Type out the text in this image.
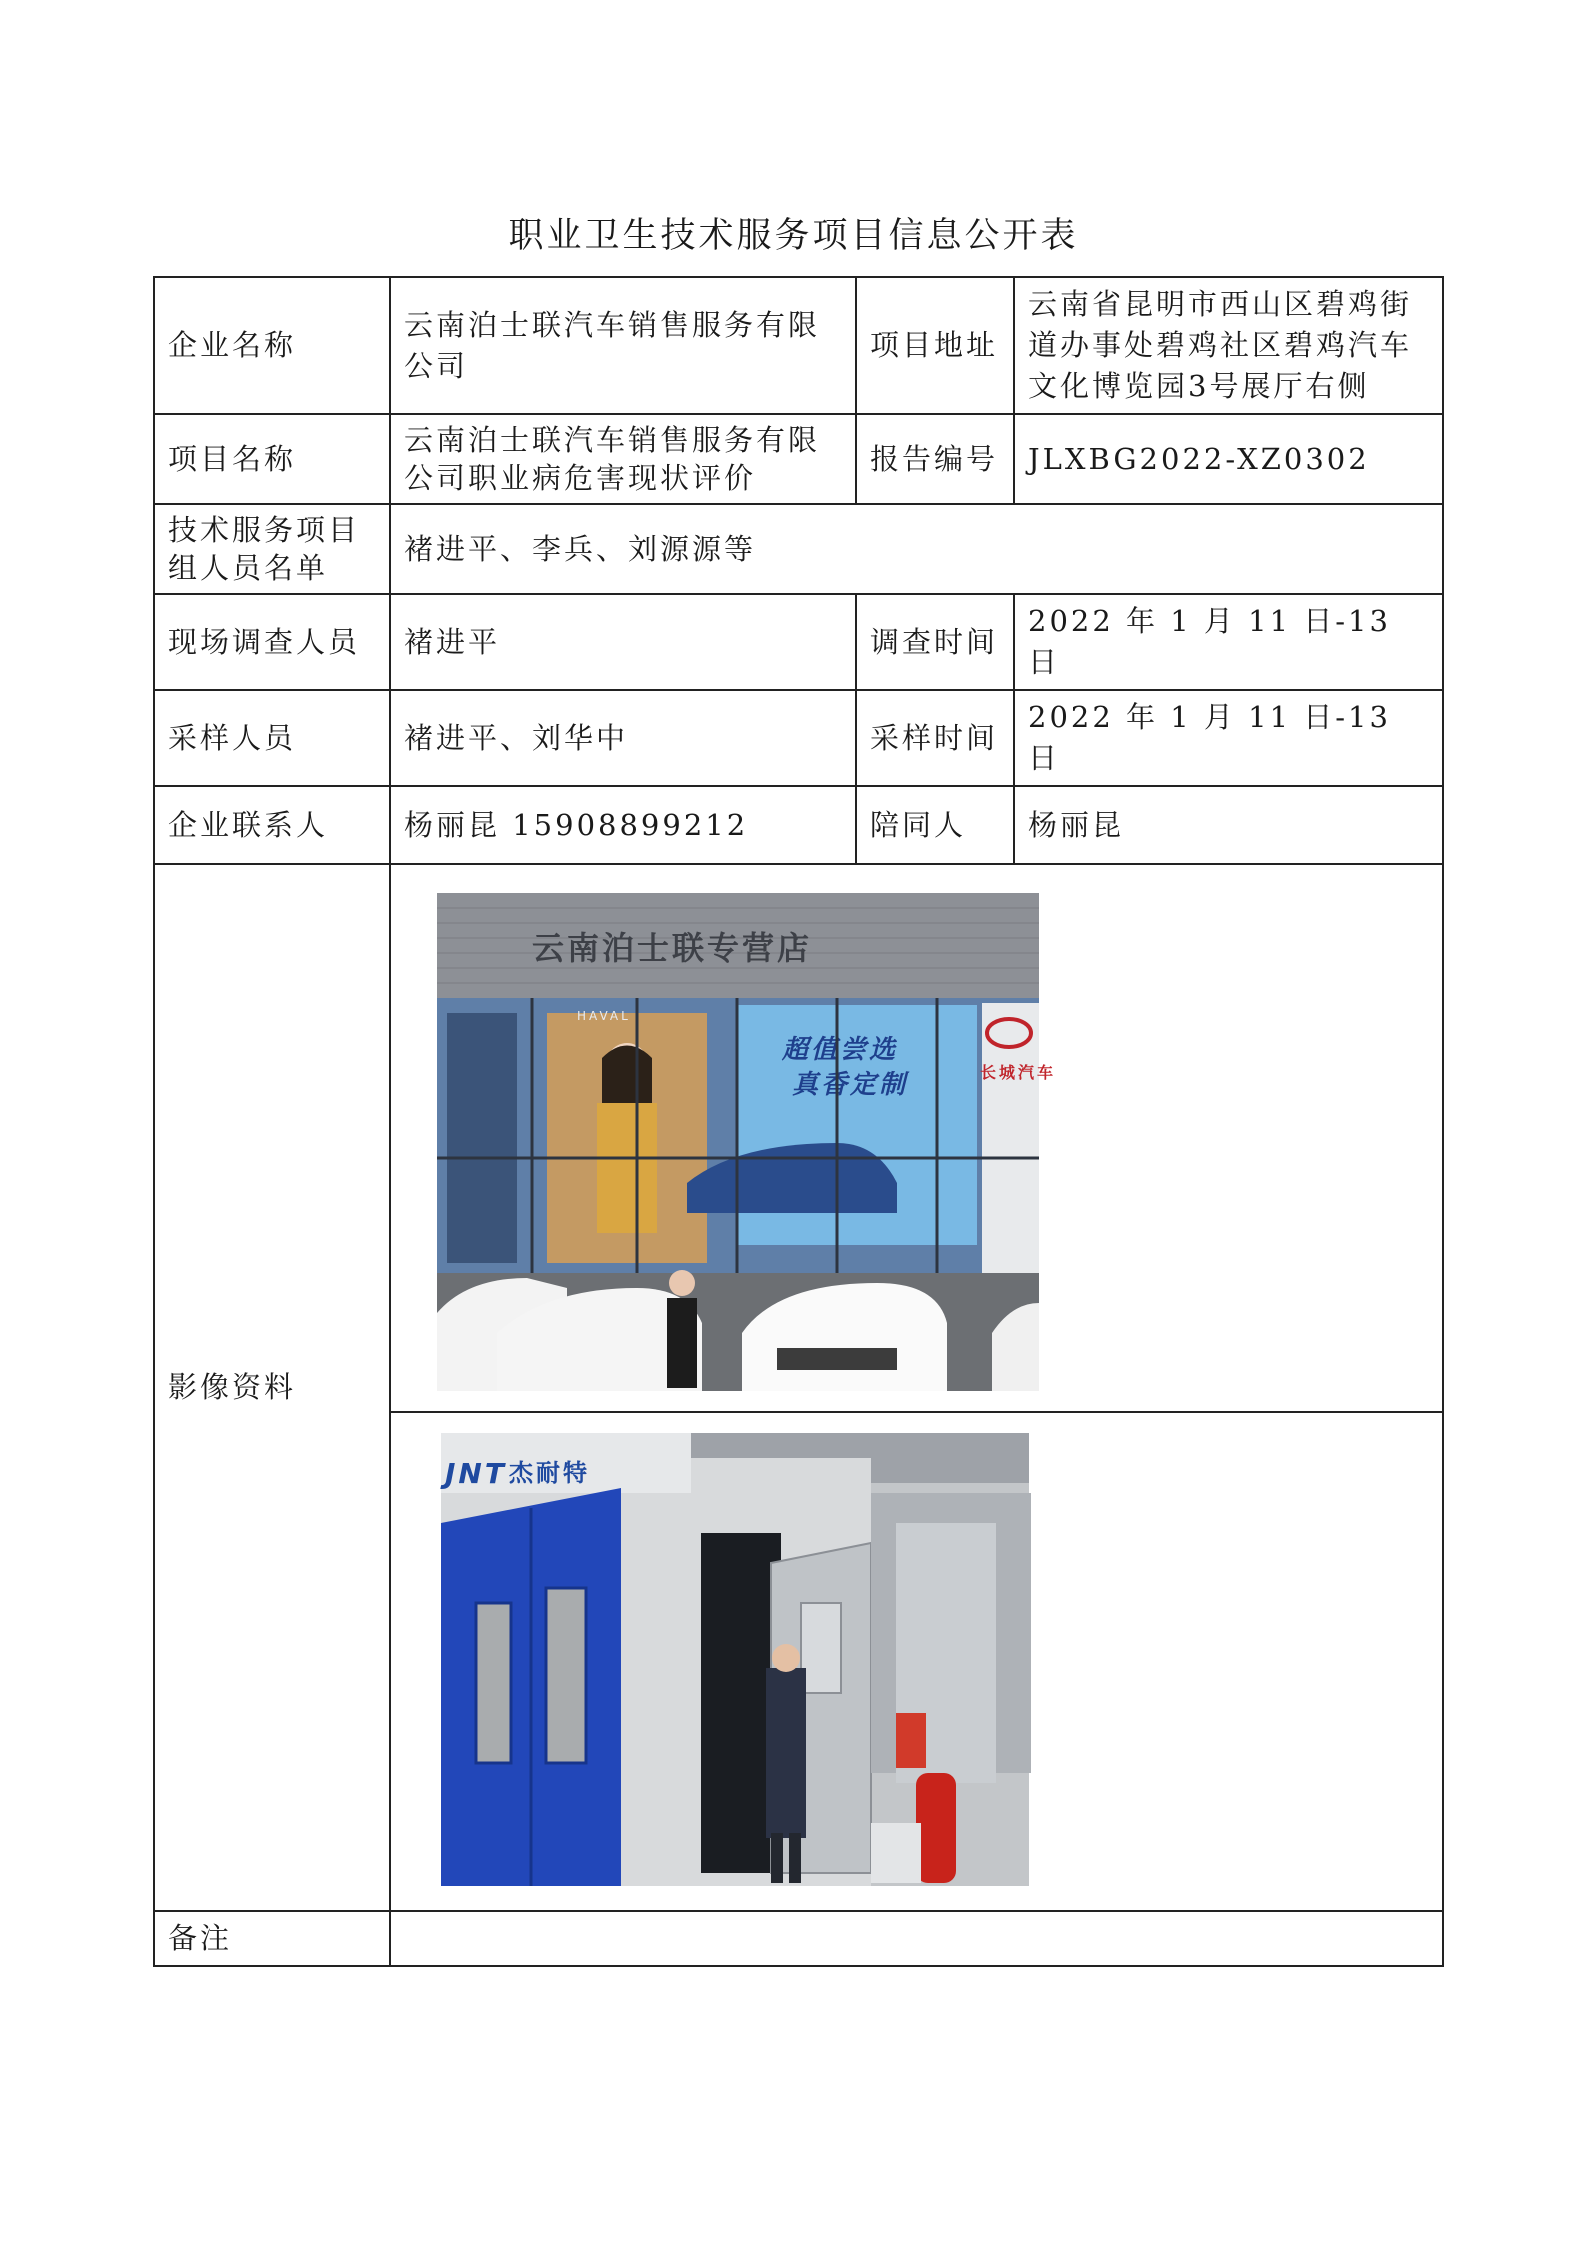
职业卫生技术服务项目信息公开表
企业名称	云南泊士联汽车销售服务有限公司	项目地址	云南省昆明市西山区碧鸡街道办事处碧鸡社区碧鸡汽车文化博览园3号展厅右侧
项目名称	云南泊士联汽车销售服务有限公司职业病危害现状评价	报告编号	JLXBG2022-XZ0302
技术服务项目组人员名单	褚进平、李兵、刘源源等		
现场调查人员	褚进平	调查时间	2022 年 1 月 11 日-13 日
采样人员	褚进平、刘华中	采样时间	2022 年 1 月 11 日-13 日
企业联系人	杨丽昆 15908899212	陪同人	杨丽昆
影像资料	云南泊士联专营店
超值尝选
真香定制
HAVAL
长城汽车		

JNT 杰耐特		

备注			
